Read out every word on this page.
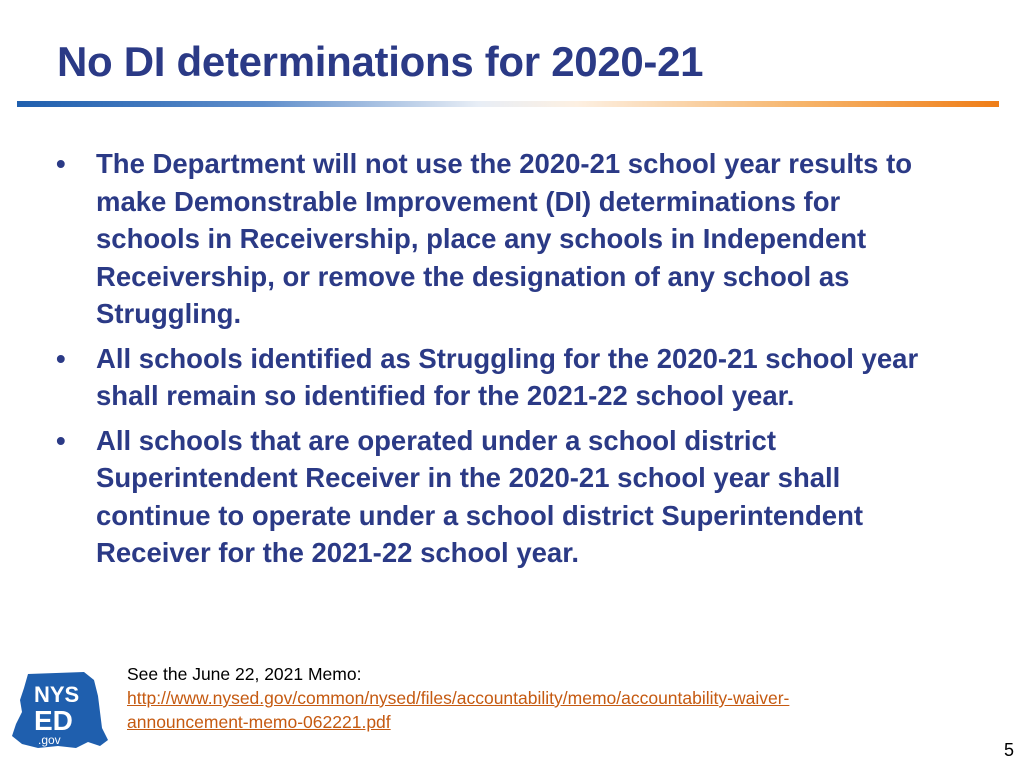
No DI determinations for 2020-21
• The Department will not use the 2020-21 school year results to make Demonstrable Improvement (DI) determinations for schools in Receivership, place any schools in Independent Receivership, or remove the designation of any school as Struggling.
• All schools identified as Struggling for the 2020-21 school year shall remain so identified for the 2021-22 school year.
• All schools that are operated under a school district Superintendent Receiver in the 2020-21 school year shall continue to operate under a school district Superintendent Receiver for the 2021-22 school year.
NYS
ED
.gov
See the June 22, 2021 Memo:
http://www.nysed.gov/common/nysed/files/accountability/memo/accountability-waiver-
announcement-memo-062221.pdf
5
